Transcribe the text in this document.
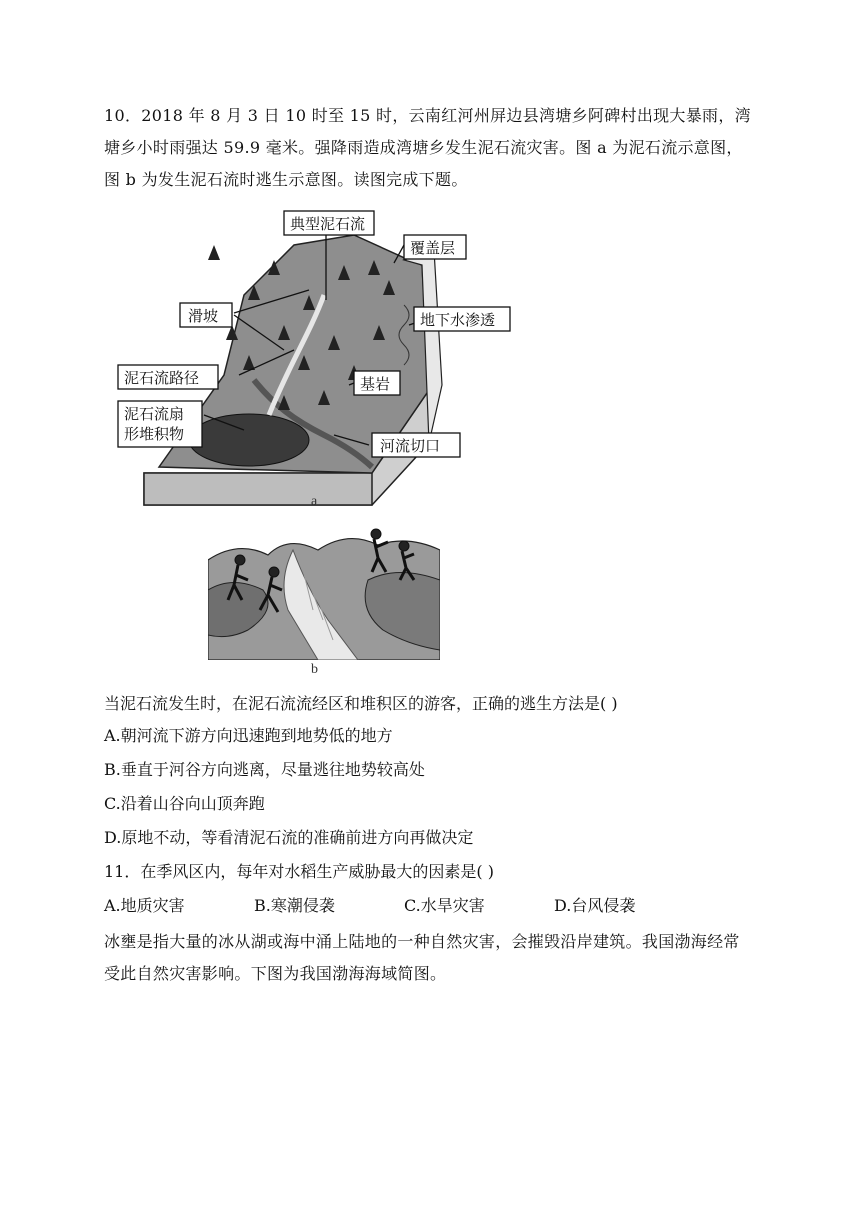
10．2018 年 8 月 3 日 10 时至 15 时，云南红河州屏边县湾塘乡阿碑村出现大暴雨，湾塘乡小时雨强达 59.9 毫米。强降雨造成湾塘乡发生泥石流灾害。图 a 为泥石流示意图，图 b 为发生泥石流时逃生示意图。读图完成下题。
典型泥石流
覆盖层
滑坡	地下水渗透
泥石流路径	基岩
泥石流扇
形堆积物
河流切口
a
b
当泥石流发生时，在泥石流流经区和堆积区的游客，正确的逃生方法是( )
A.朝河流下游方向迅速跑到地势低的地方
B.垂直于河谷方向逃离，尽量逃往地势较高处
C.沿着山谷向山顶奔跑
D.原地不动，等看清泥石流的准确前进方向再做决定
11．在季风区内，每年对水稻生产威胁最大的因素是( )
A.地质灾害	B.寒潮侵袭	C.水旱灾害	D.台风侵袭
冰壅是指大量的冰从湖或海中涌上陆地的一种自然灾害，会摧毁沿岸建筑。我国渤海经常受此自然灾害影响。下图为我国渤海海域简图。
